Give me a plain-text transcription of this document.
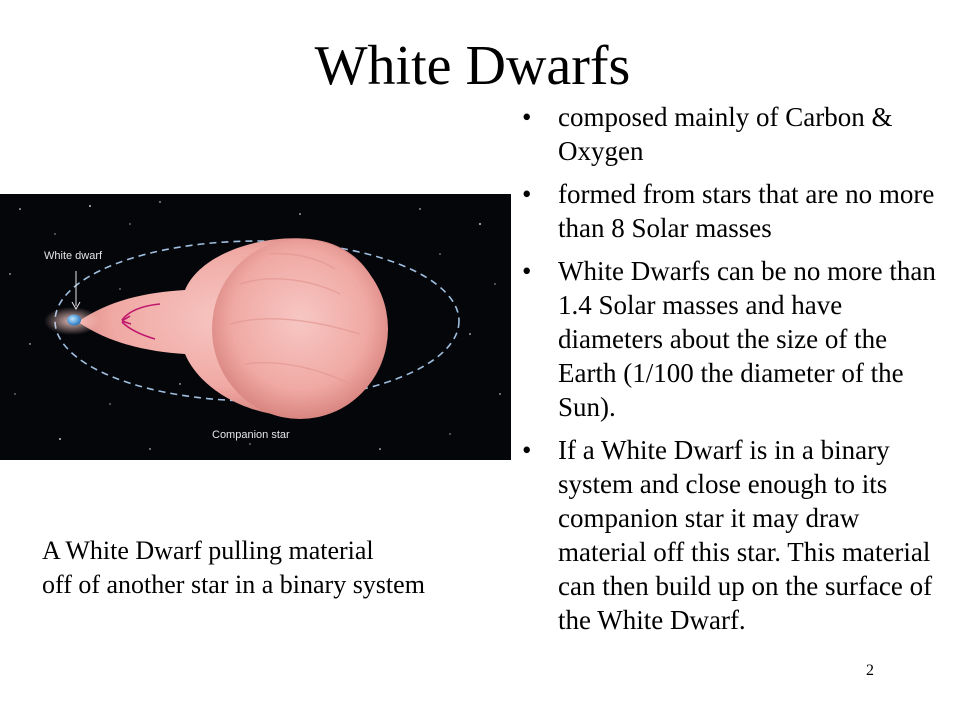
White Dwarfs
• composed mainly of Carbon & Oxygen
• formed from stars that are no more than 8 Solar masses
• White Dwarfs can be no more than 1.4 Solar masses and have diameters about the size of the Earth (1/100 the diameter of the Sun).
• If a White Dwarf is in a binary system and close enough to its companion star it may draw material off this star. This material can then build up on the surface of the White Dwarf.
White dwarf
Companion star
A White Dwarf pulling material
off of another star in a binary system
2
